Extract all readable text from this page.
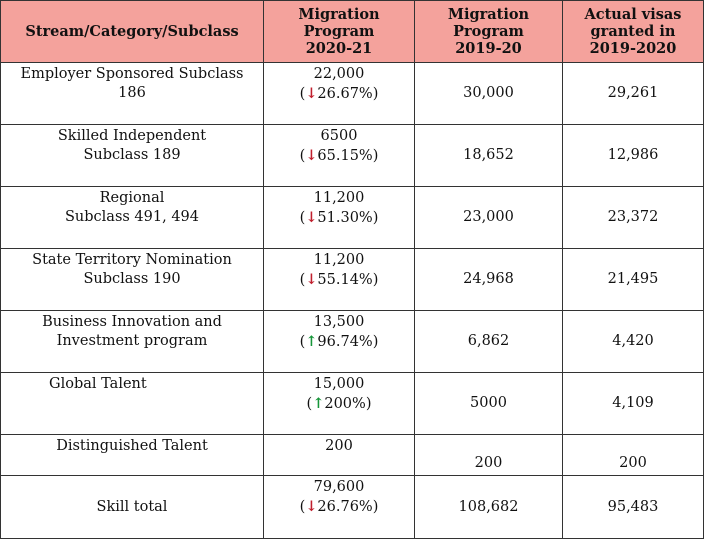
Stream/Category/Subclass	Migration
Program
2020-21	Migration
Program
2019-20	Actual visas
granted in
2019-2020

Employer Sponsored Subclass
186	22,000
(↓26.67%)	30,000	29,261

Skilled Independent
Subclass 189	6500
(↓65.15%)	18,652	12,986

Regional
Subclass 491, 494	11,200
(↓51.30%)	23,000	23,372

State Territory Nomination
Subclass 190	11,200
(↓55.14%)	24,968	21,495

Business Innovation and
Investment program	13,500
(↑96.74%)	6,862	4,420

Global Talent	15,000
(↑200%)	5000	4,109

Distinguished Talent	200	200	200
Skill total	79,600
(↓26.76%)	108,682	95,483
